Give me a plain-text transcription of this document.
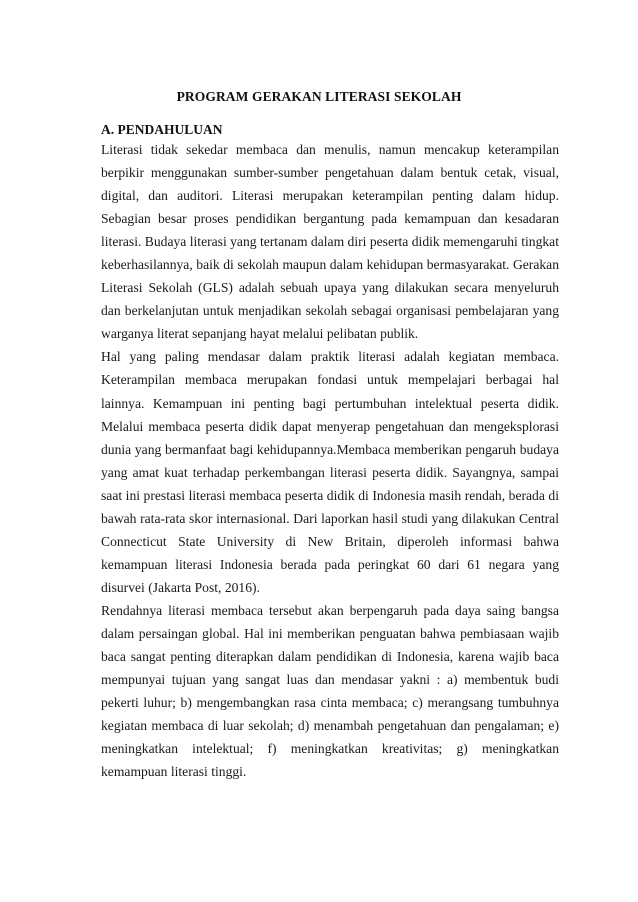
PROGRAM GERAKAN LITERASI SEKOLAH
A. PENDAHULUAN

Literasi tidak sekedar membaca dan menulis, namun mencakup keterampilan berpikir menggunakan sumber-sumber pengetahuan dalam bentuk cetak, visual, digital, dan auditori. Literasi merupakan keterampilan penting dalam hidup. Sebagian besar proses pendidikan bergantung pada kemampuan dan kesadaran literasi. Budaya literasi yang tertanam dalam diri peserta didik memengaruhi tingkat keberhasilannya, baik di sekolah maupun dalam kehidupan bermasyarakat. Gerakan Literasi Sekolah (GLS) adalah sebuah upaya yang dilakukan secara menyeluruh dan berkelanjutan untuk menjadikan sekolah sebagai organisasi pembelajaran yang warganya literat sepanjang hayat melalui pelibatan publik.

Hal yang paling mendasar dalam praktik literasi adalah kegiatan membaca. Keterampilan membaca merupakan fondasi untuk mempelajari berbagai hal lainnya. Kemampuan ini penting bagi pertumbuhan intelektual peserta didik. Melalui membaca peserta didik dapat menyerap pengetahuan dan mengeksplorasi dunia yang bermanfaat bagi kehidupannya.Membaca memberikan pengaruh budaya yang amat kuat terhadap perkembangan literasi peserta didik. Sayangnya, sampai saat ini prestasi literasi membaca peserta didik di Indonesia masih rendah, berada di bawah rata-rata skor internasional. Dari laporkan hasil studi yang dilakukan Central Connecticut State University di New Britain, diperoleh informasi bahwa kemampuan literasi Indonesia berada pada peringkat 60 dari 61 negara yang disurvei (Jakarta Post, 2016).

Rendahnya literasi membaca tersebut akan berpengaruh pada daya saing bangsa dalam persaingan global. Hal ini memberikan penguatan bahwa pembiasaan wajib baca sangat penting diterapkan dalam pendidikan di Indonesia, karena wajib baca mempunyai tujuan yang sangat luas dan mendasar yakni : a) membentuk budi pekerti luhur; b) mengembangkan rasa cinta membaca; c) merangsang tumbuhnya kegiatan membaca di luar sekolah; d) menambah pengetahuan dan pengalaman; e) meningkatkan intelektual; f) meningkatkan kreativitas; g) meningkatkan kemampuan literasi tinggi.
